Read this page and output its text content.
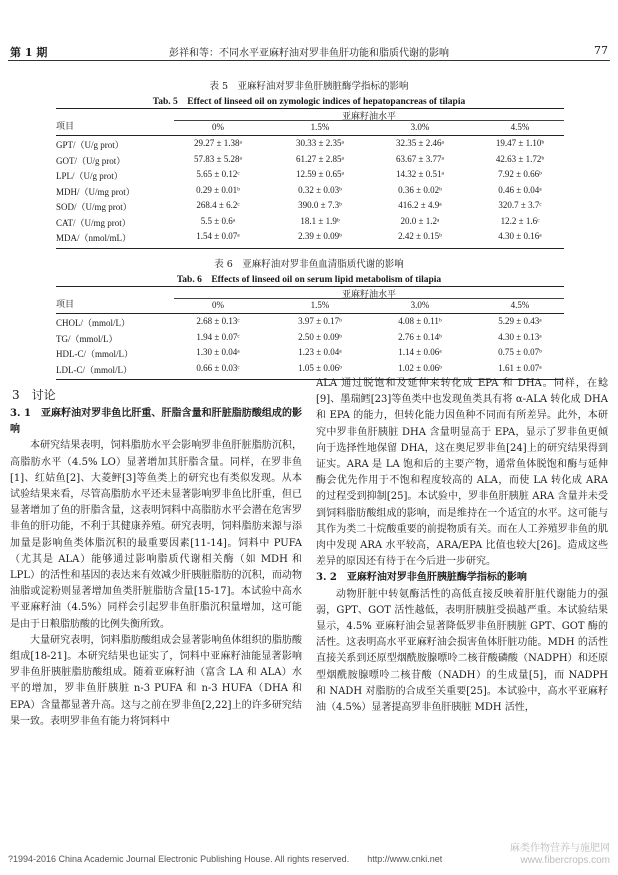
第 1 期	彭祥和等：不同水平亚麻籽油对罗非鱼肝功能和脂质代谢的影响	77
表 5　亚麻籽油对罗非鱼肝胰脏酶学指标的影响
Tab. 5　Effect of linseed oil on zymologic indices of hepatopancreas of tilapia
项目
亚麻籽油水平
0%	1.5%	3.0%	4.5%
GPT/（U/g prot）	29.27 ± 1.38ᵃ	30.33 ± 2.35ᵃ	32.35 ± 2.46ᵃ	19.47 ± 1.10ᵇ
GOT/（U/g prot）	57.83 ± 5.28ᵃ	61.27 ± 2.85ᵃ	63.67 ± 3.77ᵃ	42.63 ± 1.72ᵇ
LPL/（U/g prot）	5.65 ± 0.12ᶜ	12.59 ± 0.65ᵃ	14.32 ± 0.51ᵃ	7.92 ± 0.66ᵇ
MDH/（U/mg prot）	0.29 ± 0.01ᵇ	0.32 ± 0.03ᵇ	0.36 ± 0.02ᵇ	0.46 ± 0.04ᵃ
SOD/（U/mg prot）	268.4 ± 6.2ᶜ	390.0 ± 7.3ᵇ	416.2 ± 4.9ᵃ	320.7 ± 3.7ᶜ
CAT/（U/mg prot）	5.5 ± 0.6ᵃ	18.1 ± 1.9ᵇ	20.0 ± 1.2ᵃ	12.2 ± 1.6ᶜ
MDA/（nmol/mL）	1.54 ± 0.07ᵃ	2.39 ± 0.09ᵇ	2.42 ± 0.15ᵇ	4.30 ± 0.16ᵃ
表 6　亚麻籽油对罗非鱼血清脂质代谢的影响
Tab. 6　Effects of linseed oil on serum lipid metabolism of tilapia
项目
亚麻籽油水平
0%	1.5%	3.0%	4.5%
CHOL/（mmol/L）	2.68 ± 0.13ᶜ	3.97 ± 0.17ᵇ	4.08 ± 0.11ᵇ	5.29 ± 0.43ᵃ
TG/（mmol/L）	1.94 ± 0.07ᶜ	2.50 ± 0.09ᵇ	2.76 ± 0.14ᵇ	4.30 ± 0.13ᵃ
HDL-C/（mmol/L）	1.30 ± 0.04ᵃ	1.23 ± 0.04ᵃ	1.14 ± 0.06ᵃ	0.75 ± 0.07ᵇ
LDL-C/（mmol/L）	0.66 ± 0.03ᶜ	1.05 ± 0.06ᵇ	1.02 ± 0.06ᵇ	1.61 ± 0.07ᵃ
3　讨论

3. 1　亚麻籽油对罗非鱼比肝重、肝脂含量和肝脏脂肪酸组成的影响

本研究结果表明，饲料脂肪水平会影响罗非鱼肝脏脂肪沉积，高脂肪水平（4.5% LO）显著增加其肝脂含量。同样，在罗非鱼[1]、红姑鱼[2]、大菱鲆[3]等鱼类上的研究也有类似发现。从本试验结果来看，尽管高脂肪水平还未显著影响罗非鱼比肝重，但已显著增加了鱼的肝脂含量，这表明饲料中高脂肪水平会潜在危害罗非鱼的肝功能，不利于其健康养殖。研究表明，饲料脂肪来源与添加量是影响鱼类体脂沉积的最重要因素[11-14]。饲料中 PUFA（尤其是 ALA）能够通过影响脂质代谢相关酶（如 MDH 和 LPL）的活性和基因的表达来有效减少肝胰脏脂肪的沉积，而动物油脂或淀粉则显著增加鱼类肝脏脂肪含量[15-17]。本试验中高水平亚麻籽油（4.5%）同样会引起罗非鱼肝脂沉积量增加，这可能是由于日粮脂肪酸的比例失衡所致。

大量研究表明，饲料脂肪酸组成会显著影响鱼体组织的脂肪酸组成[18-21]。本研究结果也证实了，饲料中亚麻籽油能显著影响罗非鱼肝胰脏脂肪酸组成。随着亚麻籽油（富含 LA 和 ALA）水平的增加，罗非鱼肝胰脏 n-3 PUFA 和 n-3 HUFA（DHA 和 EPA）含量都显著升高。这与之前在罗非鱼[2,22]上的许多研究结果一致。表明罗非鱼有能力将饲料中

ALA 通过脱饱和及延伸来转化成 EPA 和 DHA。同样，在鲶[9]、墨瑞鳕[23]等鱼类中也发现鱼类具有将 α-ALA 转化成 DHA 和 EPA 的能力，但转化能力因鱼种不同而有所差异。此外，本研究中罗非鱼肝胰脏 DHA 含量明显高于 EPA，显示了罗非鱼更倾向于选择性地保留 DHA，这在奥尼罗非鱼[24]上的研究结果得到证实。ARA 是 LA 饱和后的主要产物，通常鱼体脱饱和酶与延伸酶会优先作用于不饱和程度较高的 ALA，而使 LA 转化成 ARA 的过程受到抑制[25]。本试验中，罗非鱼肝胰脏 ARA 含量并未受到饲料脂肪酸组成的影响，而是维持在一个适宜的水平。这可能与其作为类二十烷酸重要的前提物质有关。而在人工养殖罗非鱼的肌肉中发现 ARA 水平较高，ARA/EPA 比值也较大[26]。造成这些差异的原因还有待于在今后进一步研究。

3. 2　亚麻籽油对罗非鱼肝胰脏酶学指标的影响

动物肝脏中转氨酶活性的高低直接反映着肝脏代谢能力的强弱，GPT、GOT 活性越低，表明肝胰脏受损越严重。本试验结果显示，4.5% 亚麻籽油会显著降低罗非鱼肝胰脏 GPT、GOT 酶的活性。这表明高水平亚麻籽油会损害鱼体肝脏功能。MDH 的活性直接关系到还原型烟酰胺腺嘌呤二核苷酸磷酸（NADPH）和还原型烟酰胺腺嘌呤二核苷酸（NADH）的生成量[5]，而 NADPH 和 NADH 对脂肪的合成至关重要[25]。本试验中，高水平亚麻籽油（4.5%）显著提高罗非鱼肝胰脏 MDH 活性，

?1994-2016 China Academic Journal Electronic Publishing House. All rights reserved.　　http://www.cnki.net
麻类作物营养与施肥网
www.fibercrops.com
